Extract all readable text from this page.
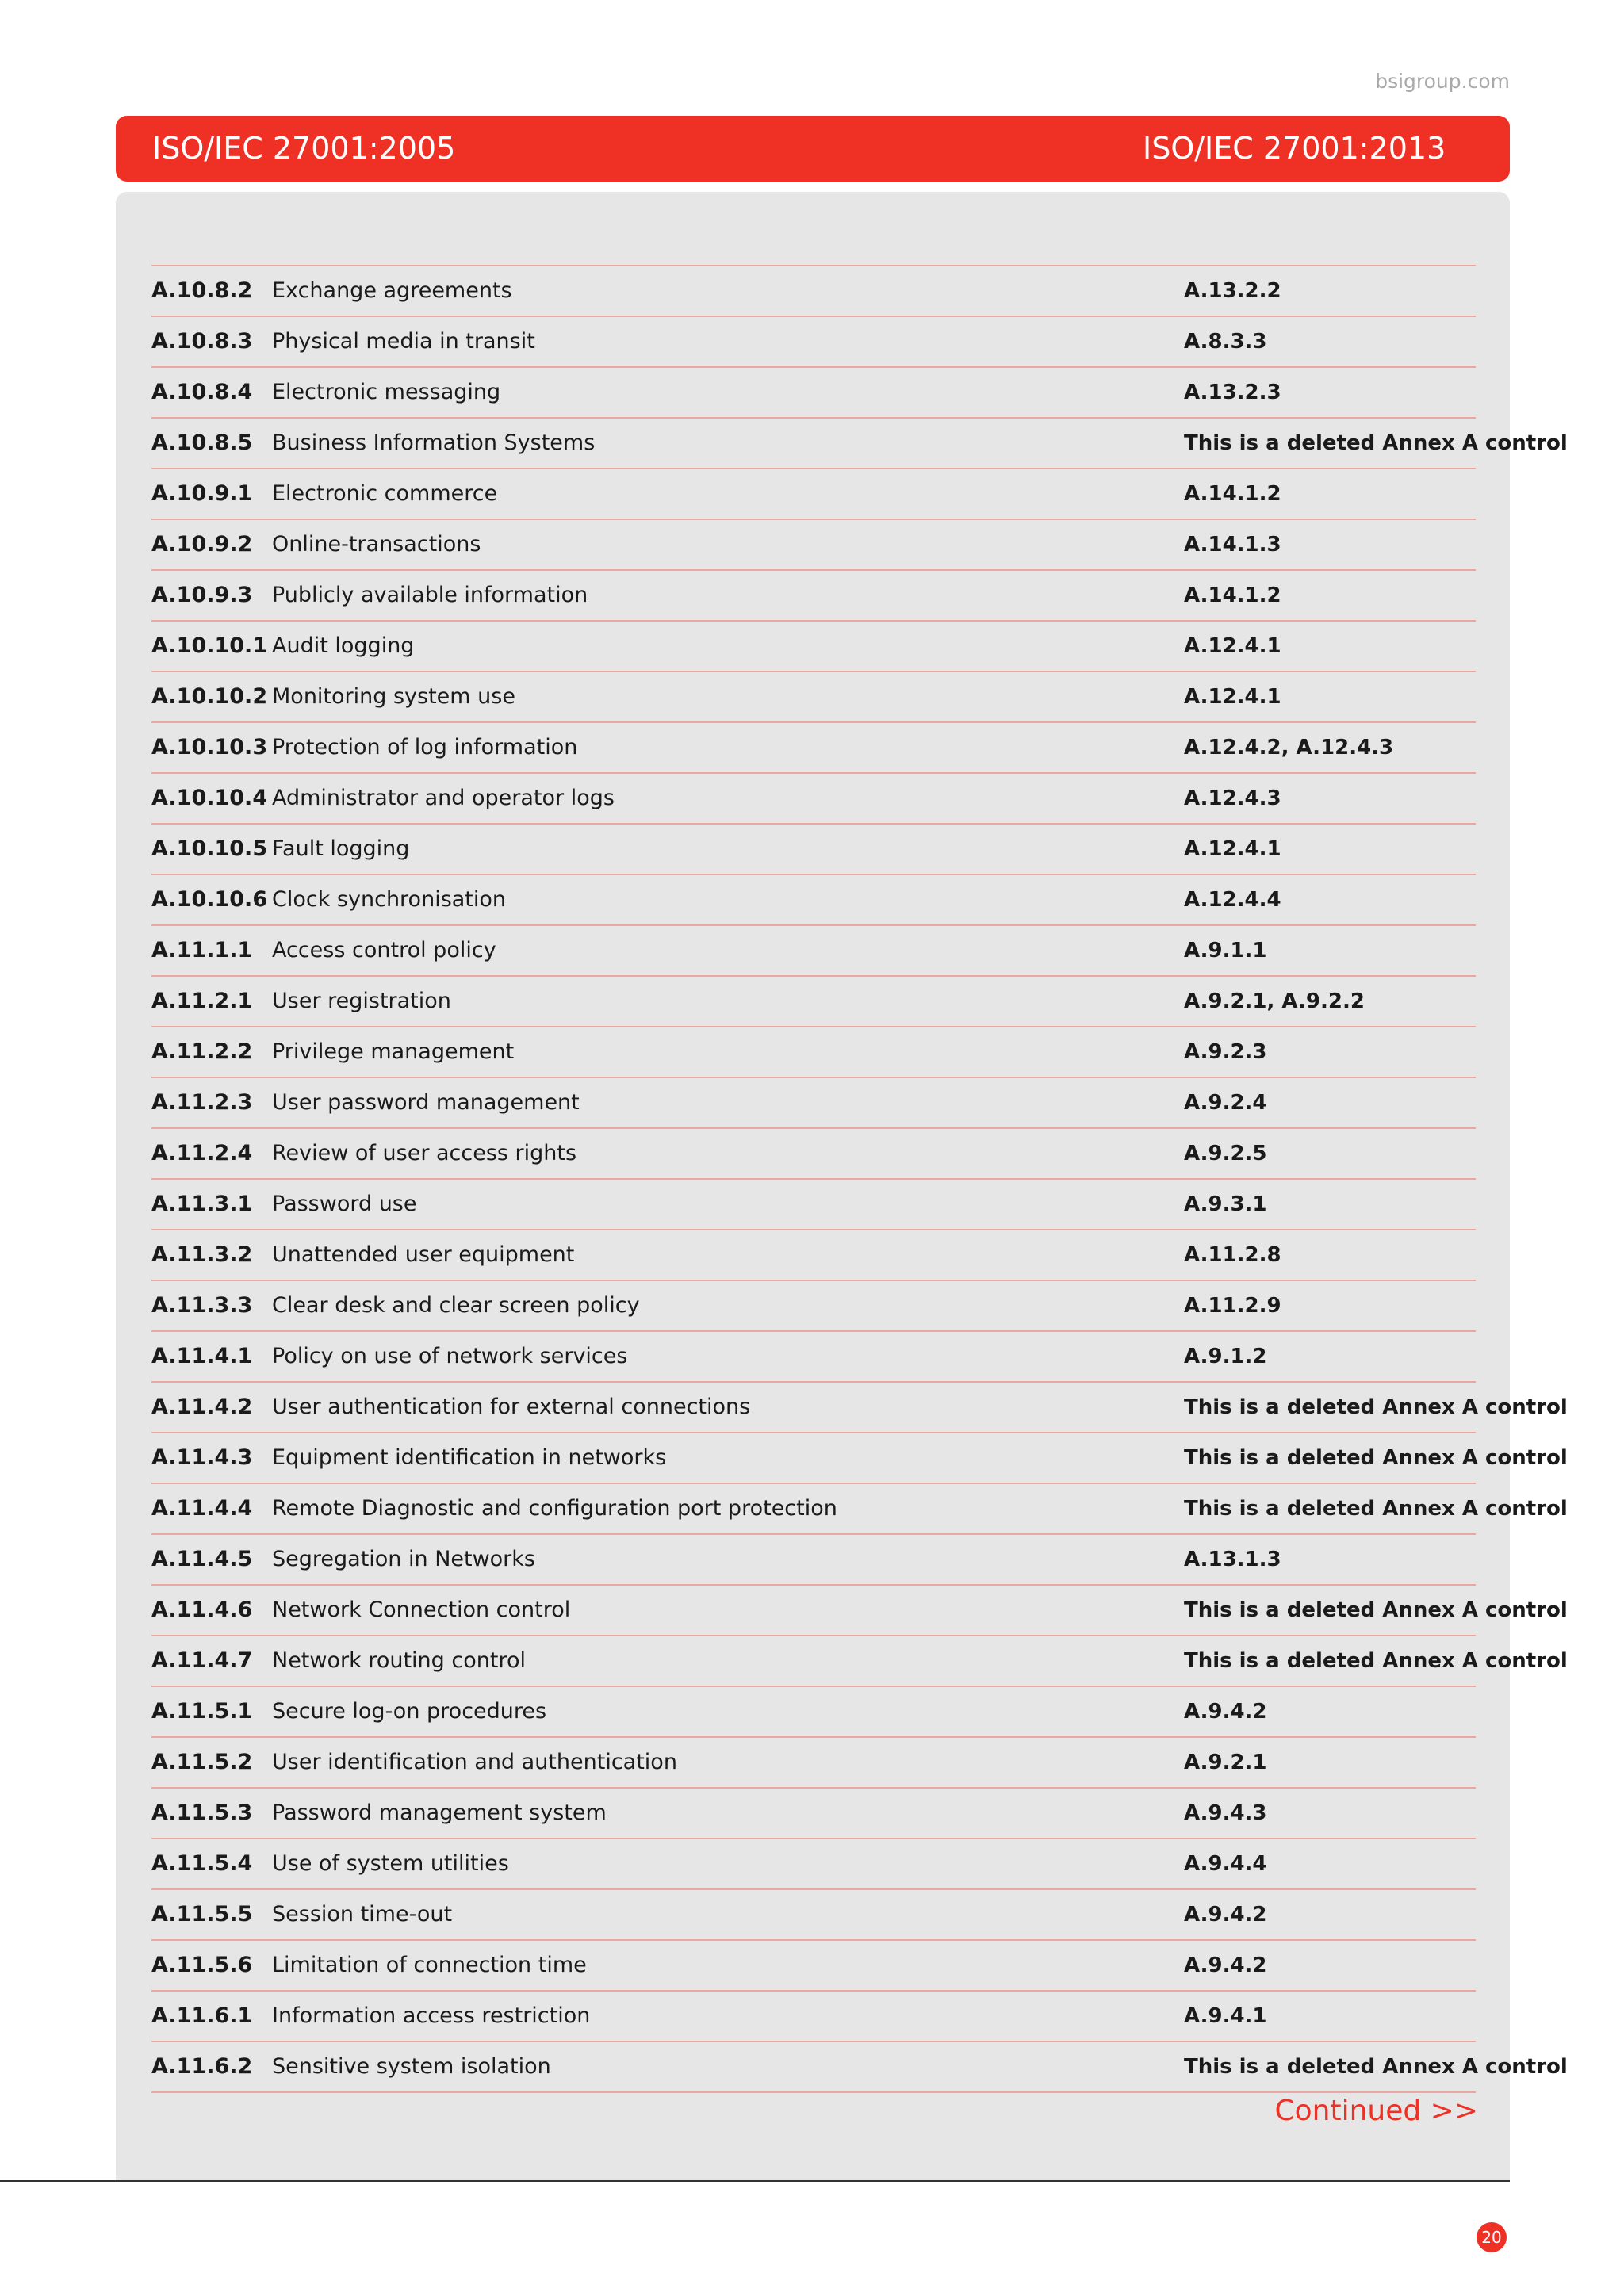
bsigroup.com
ISO/IEC 27001:2005	ISO/IEC 27001:2013
A.10.8.2 Exchange agreements	A.13.2.2
A.10.8.3 Physical media in transit	A.8.3.3
A.10.8.4 Electronic messaging	A.13.2.3
A.10.8.5 Business Information Systems	This is a deleted Annex A control
A.10.9.1 Electronic commerce	A.14.1.2
A.10.9.2 Online-transactions	A.14.1.3
A.10.9.3 Publicly available information	A.14.1.2
A.10.10.1 Audit logging	A.12.4.1
A.10.10.2 Monitoring system use	A.12.4.1
A.10.10.3 Protection of log information	A.12.4.2, A.12.4.3
A.10.10.4 Administrator and operator logs	A.12.4.3
A.10.10.5 Fault logging	A.12.4.1
A.10.10.6 Clock synchronisation	A.12.4.4
A.11.1.1 Access control policy	A.9.1.1
A.11.2.1 User registration	A.9.2.1, A.9.2.2
A.11.2.2 Privilege management	A.9.2.3
A.11.2.3 User password management	A.9.2.4
A.11.2.4 Review of user access rights	A.9.2.5
A.11.3.1 Password use	A.9.3.1
A.11.3.2 Unattended user equipment	A.11.2.8
A.11.3.3 Clear desk and clear screen policy	A.11.2.9
A.11.4.1 Policy on use of network services	A.9.1.2
A.11.4.2 User authentication for external connections	This is a deleted Annex A control
A.11.4.3 Equipment identification in networks	This is a deleted Annex A control
A.11.4.4 Remote Diagnostic and configuration port protection	This is a deleted Annex A control
A.11.4.5 Segregation in Networks	A.13.1.3
A.11.4.6 Network Connection control	This is a deleted Annex A control
A.11.4.7 Network routing control	This is a deleted Annex A control
A.11.5.1 Secure log-on procedures	A.9.4.2
A.11.5.2 User identification and authentication	A.9.2.1
A.11.5.3 Password management system	A.9.4.3
A.11.5.4 Use of system utilities	A.9.4.4
A.11.5.5 Session time-out	A.9.4.2
A.11.5.6 Limitation of connection time	A.9.4.2
A.11.6.1 Information access restriction	A.9.4.1
A.11.6.2 Sensitive system isolation	This is a deleted Annex A control
Continued >>
20
